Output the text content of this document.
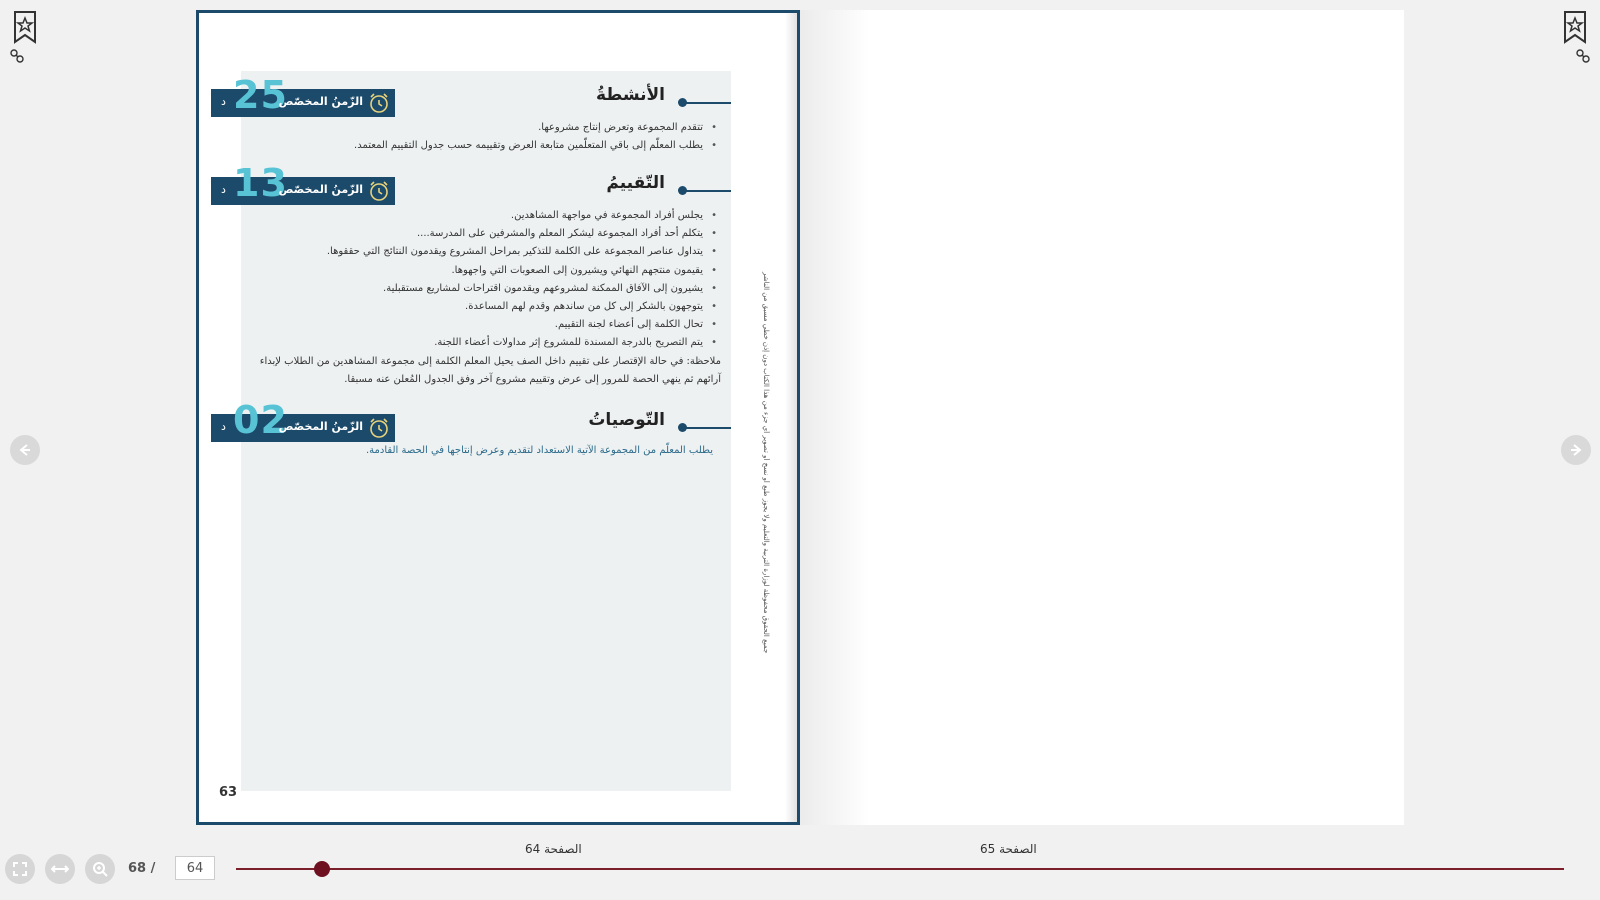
الأنشطةُ
د 25
الزّمنُ المخصّص
• تتقدم المجموعة وتعرض إنتاج مشروعها.
• يطلب المعلّم إلى باقي المتعلّمين متابعة العرض وتقييمه حسب جدول التقييم المعتمد.
التّقييمُ
د 13
الزّمنُ المخصّص
• يجلس أفراد المجموعة في مواجهة المشاهدين.
• يتكلم أحد أفراد المجموعة ليشكر المعلم والمشرفين على المدرسة....
• يتداول عناصر المجموعة على الكلمة للتذكير بمراحل المشروع ويقدمون النتائج التي حققوها.
• يقيمون منتجهم النهائي ويشيرون إلى الصعوبات التي واجهوها.
• يشيرون إلى الآفاق الممكنة لمشروعهم ويقدمون اقتراحات لمشاريع مستقبلية.
• يتوجهون بالشكر إلى كل من ساندهم وقدم لهم المساعدة.
• تحال الكلمة إلى أعضاء لجنة التقييم.
• يتم التصريح بالدرجة المسندة للمشروع إثر مداولات أعضاء اللجنة.
ملاحظة: في حالة الإقتصار على تقييم داخل الصف يحيل المعلم الكلمة إلى مجموعة المشاهدين من الطلاب لإبداء
آرائهم ثم ينهي الحصة للمرور إلى عرض وتقييم مشروع آخر وفق الجدول المُعلن عنه مسبقا.
التّوصياتُ
د 02
الزّمنُ المخصّص
يطلب المعلّم من المجموعة الآتية الاستعداد لتقديم وعرض إنتاجها في الحصة القادمة.	جميع الحقوق محفوظة لوزارة التربية والتعليم ولا يجوز طبع أو نسخ أو تصوير أي جزء من هذا الكتاب دون إذن خطي مسبق من الناشر
63
68 /
64
الصفحة 64	الصفحة 65
